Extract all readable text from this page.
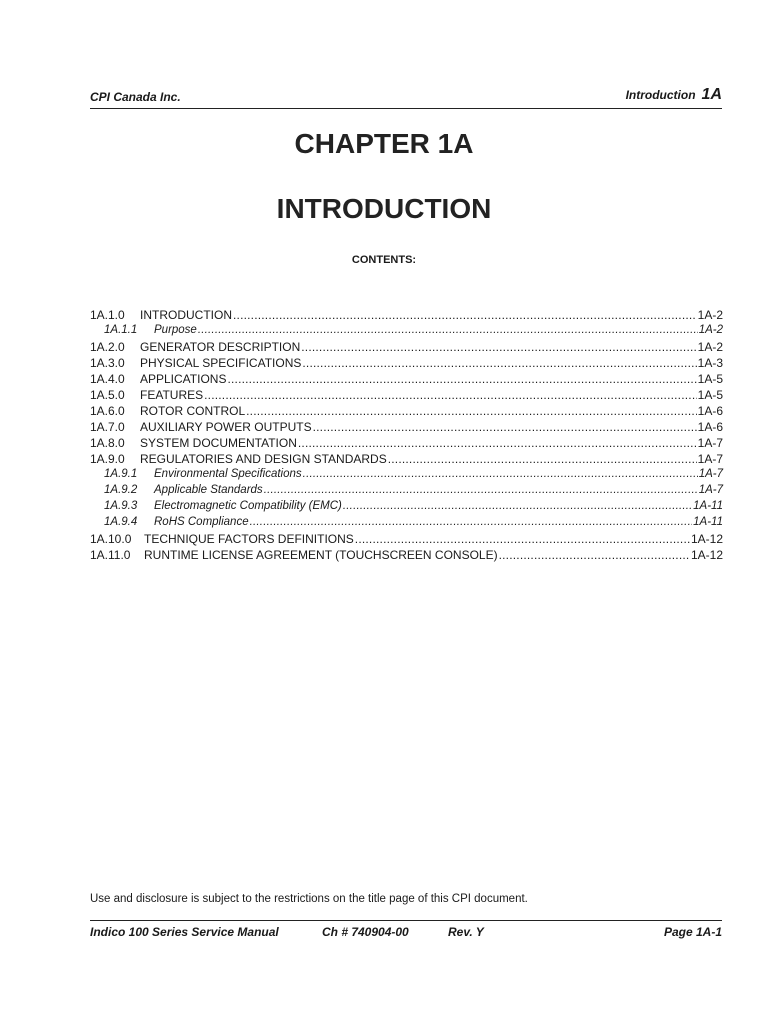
CPI Canada Inc.	Introduction 1A
CHAPTER 1A
INTRODUCTION
CONTENTS:
1A.1.0	INTRODUCTION .....	1A-2
1A.1.1	Purpose .....	1A-2
1A.2.0	GENERATOR DESCRIPTION .....	1A-2
1A.3.0	PHYSICAL SPECIFICATIONS .....	1A-3
1A.4.0	APPLICATIONS .....	1A-5
1A.5.0	FEATURES .....	1A-5
1A.6.0	ROTOR CONTROL .....	1A-6
1A.7.0	AUXILIARY POWER OUTPUTS .....	1A-6
1A.8.0	SYSTEM DOCUMENTATION .....	1A-7
1A.9.0	REGULATORIES AND DESIGN STANDARDS .....	1A-7
1A.9.1	Environmental Specifications .....	1A-7
1A.9.2	Applicable Standards .....	1A-7
1A.9.3	Electromagnetic Compatibility (EMC) .....	1A-11
1A.9.4	RoHS Compliance .....	1A-11
1A.10.0	TECHNIQUE FACTORS DEFINITIONS .....	1A-12
1A.11.0	RUNTIME LICENSE AGREEMENT (TOUCHSCREEN CONSOLE) .....	1A-12
Use and disclosure is subject to the restrictions on the title page of this CPI document.
Indico 100 Series Service Manual	Ch # 740904-00	Rev. Y	Page 1A-1
